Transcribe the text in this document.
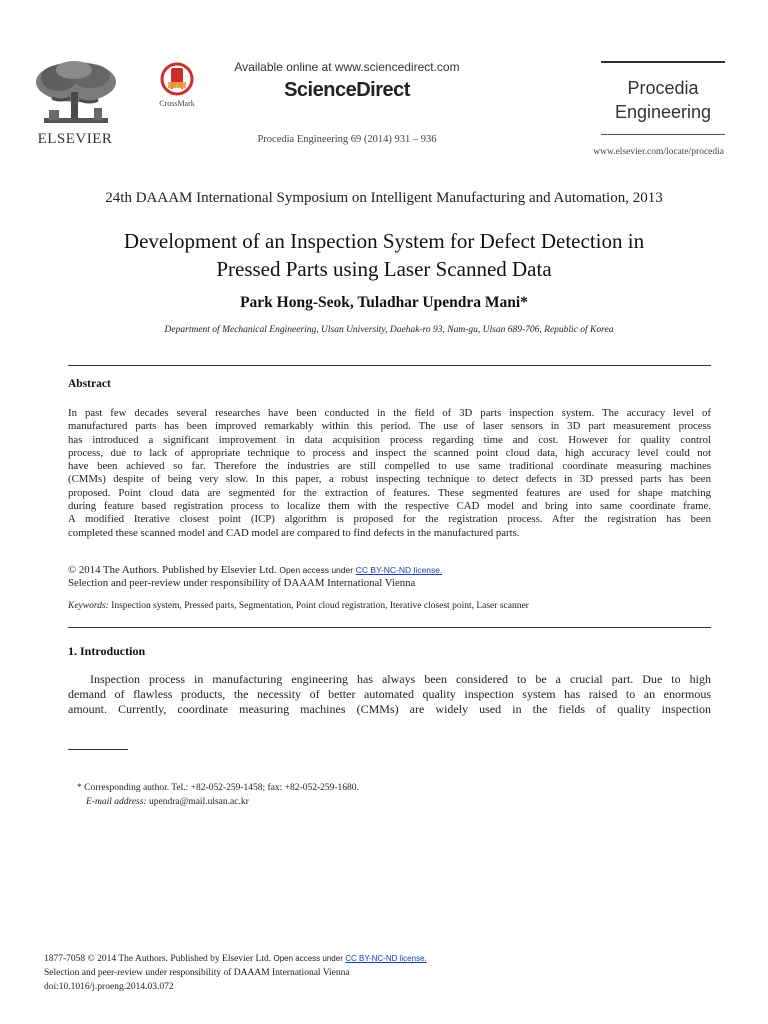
ELSEVIER
CrossMark
Available online at www.sciencedirect.com
ScienceDirect
Procedia Engineering 69 (2014) 931 – 936
Procedia
Engineering
www.elsevier.com/locate/procedia
24th DAAAM International Symposium on Intelligent Manufacturing and Automation, 2013
Development of an Inspection System for Defect Detection in
Pressed Parts using Laser Scanned Data
Park Hong-Seok, Tuladhar Upendra Mani*
Department of Mechanical Engineering, Ulsan University, Daehak-ro 93, Nam-gu, Ulsan 689-706, Republic of Korea
Abstract
In past few decades several researches have been conducted in the field of 3D parts inspection system. The accuracy level of
manufactured parts has been improved remarkably within this period. The use of laser sensors in 3D part measurement process
has introduced a significant improvement in data acquisition process regarding time and cost. However for quality control
process, due to lack of appropriate technique to process and inspect the scanned point cloud data, high accuracy level could not
have been achieved so far. Therefore the industries are still compelled to use same traditional coordinate measuring machines
(CMMs) despite of being very slow. In this paper, a robust inspecting technique to detect defects in 3D pressed parts has been
proposed. Point cloud data are segmented for the extraction of features. These segmented features are used for shape matching
during feature based registration process to localize them with the respective CAD model and bring into same coordinate frame.
A modified Iterative closest point (ICP) algorithm is proposed for the registration process. After the registration has been
completed these scanned model and CAD model are compared to find defects in the manufactured parts.
© 2014 The Authors. Published by Elsevier Ltd. Open access under CC BY-NC-ND license.
Selection and peer-review under responsibility of DAAAM International Vienna
Keywords: Inspection system, Pressed parts, Segmentation, Point cloud registration, Iterative closest point, Laser scanner
1. Introduction
Inspection process in manufacturing engineering has always been considered to be a crucial part. Due to high
demand of flawless products, the necessity of better automated quality inspection system has raised to an enormous
amount. Currently, coordinate measuring machines (CMMs) are widely used in the fields of quality inspection
* Corresponding author. Tel.: +82-052-259-1458; fax: +82-052-259-1680.
E-mail address: upendra@mail.ulsan.ac.kr
1877-7058 © 2014 The Authors. Published by Elsevier Ltd. Open access under CC BY-NC-ND license.
Selection and peer-review under responsibility of DAAAM International Vienna
doi:10.1016/j.proeng.2014.03.072
